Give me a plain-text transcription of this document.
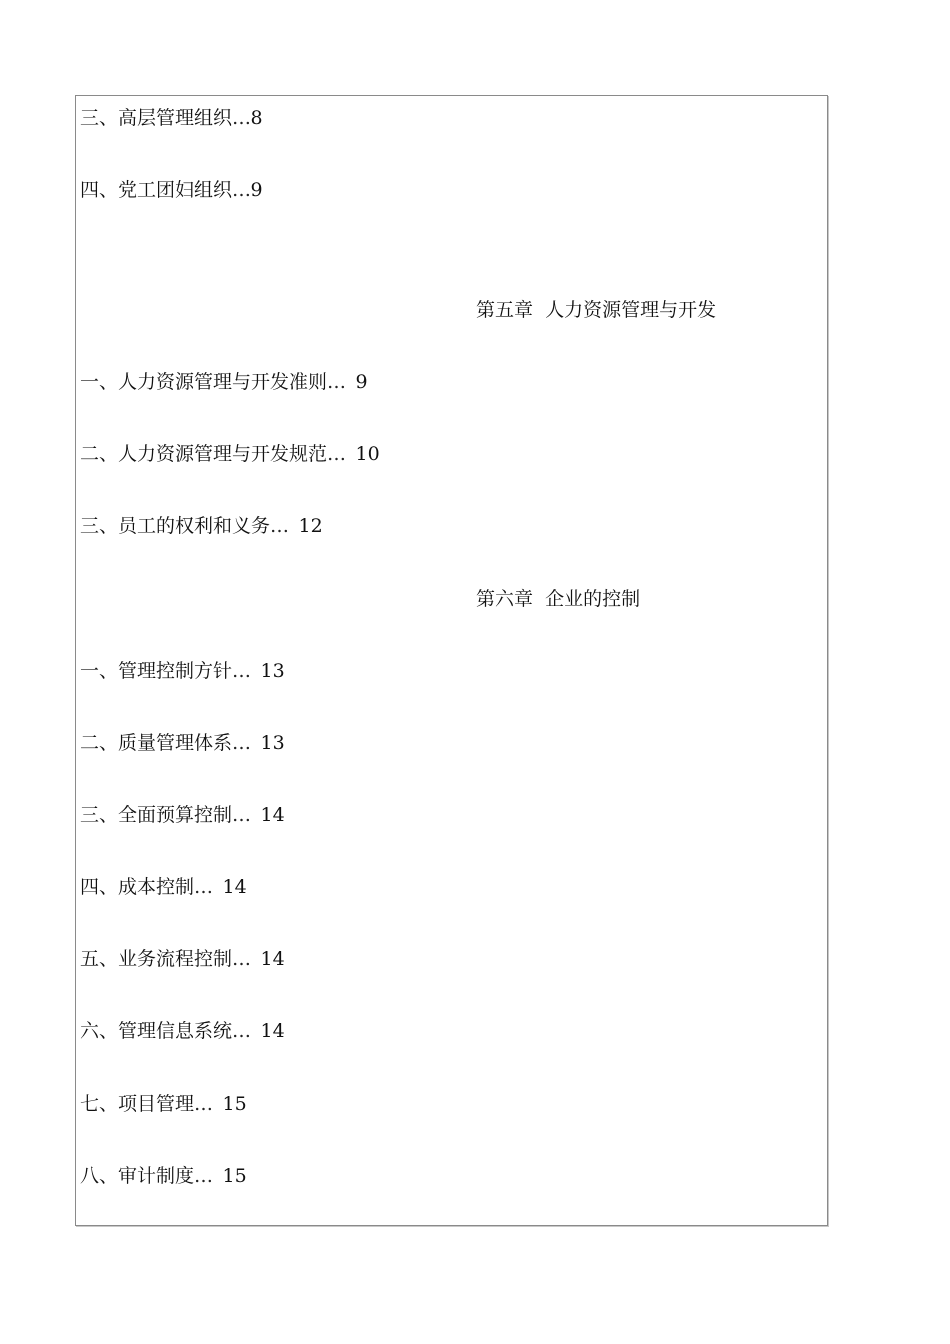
三、高层管理组织…8
四、党工团妇组织…9
第五章  人力资源管理与开发
一、人力资源管理与开发准则… 9
二、人力资源管理与开发规范… 10
三、员工的权利和义务… 12
第六章  企业的控制
一、管理控制方针… 13
二、质量管理体系… 13
三、全面预算控制… 14
四、成本控制… 14
五、业务流程控制… 14
六、管理信息系统… 14
七、项目管理… 15
八、审计制度… 15
